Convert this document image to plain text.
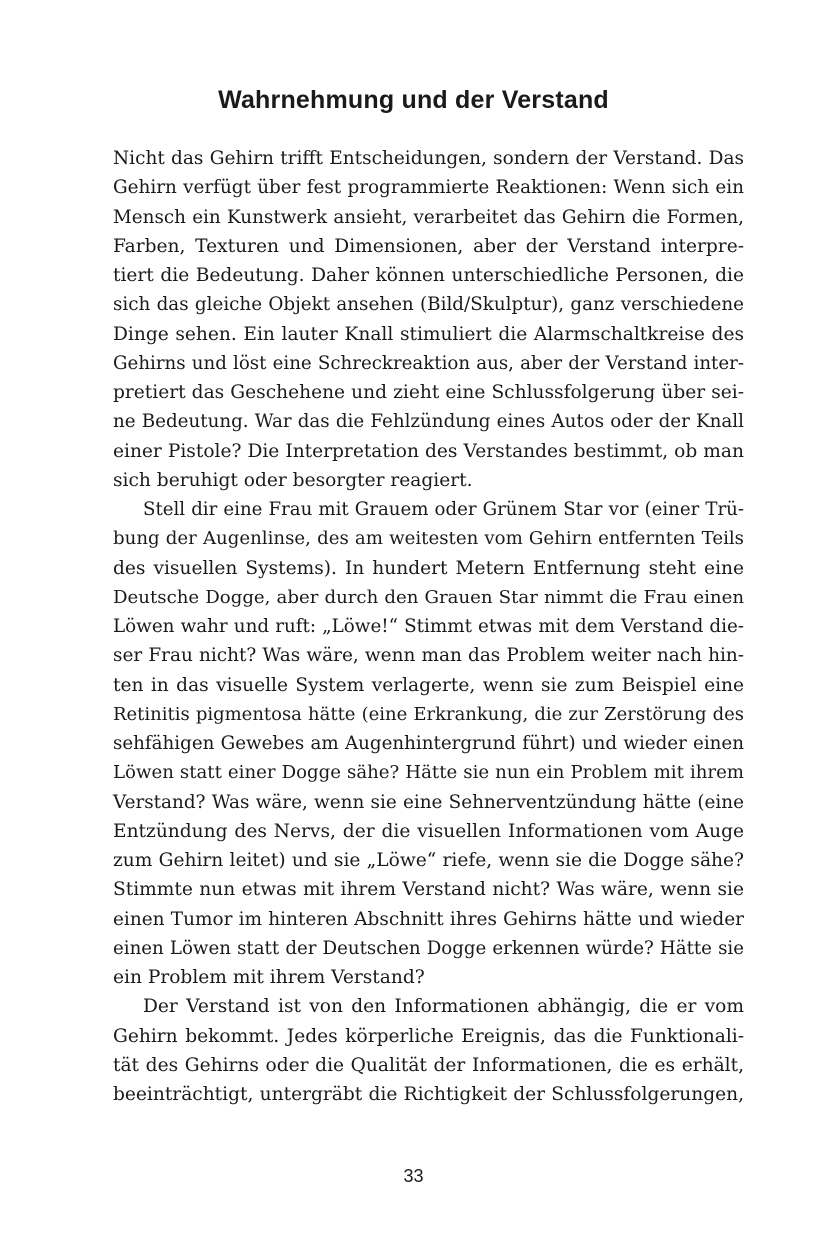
Wahrnehmung und der Verstand
Nicht das Gehirn trifft Entscheidungen, sondern der Verstand. Das
Gehirn verfügt über fest programmierte Reaktionen: Wenn sich ein
Mensch ein Kunstwerk ansieht, verarbeitet das Gehirn die Formen,
Farben, Texturen und Dimensionen, aber der Verstand interpre-
tiert die Bedeutung. Daher können unterschiedliche Personen, die
sich das gleiche Objekt ansehen (Bild/Skulptur), ganz verschiedene
Dinge sehen. Ein lauter Knall stimuliert die Alarmschaltkreise des
Gehirns und löst eine Schreckreaktion aus, aber der Verstand inter-
pretiert das Geschehene und zieht eine Schlussfolgerung über sei-
ne Bedeutung. War das die Fehlzündung eines Autos oder der Knall
einer Pistole? Die Interpretation des Verstandes bestimmt, ob man
sich beruhigt oder besorgter reagiert.
Stell dir eine Frau mit Grauem oder Grünem Star vor (einer Trü-
bung der Augenlinse, des am weitesten vom Gehirn entfernten Teils
des visuellen Systems). In hundert Metern Entfernung steht eine
Deutsche Dogge, aber durch den Grauen Star nimmt die Frau einen
Löwen wahr und ruft: „Löwe!“ Stimmt etwas mit dem Verstand die-
ser Frau nicht? Was wäre, wenn man das Problem weiter nach hin-
ten in das visuelle System verlagerte, wenn sie zum Beispiel eine
Retinitis pigmentosa hätte (eine Erkrankung, die zur Zerstörung des
sehfähigen Gewebes am Augenhintergrund führt) und wieder einen
Löwen statt einer Dogge sähe? Hätte sie nun ein Problem mit ihrem
Verstand? Was wäre, wenn sie eine Sehnerventzündung hätte (eine
Entzündung des Nervs, der die visuellen Informationen vom Auge
zum Gehirn leitet) und sie „Löwe“ riefe, wenn sie die Dogge sähe?
Stimmte nun etwas mit ihrem Verstand nicht? Was wäre, wenn sie
einen Tumor im hinteren Abschnitt ihres Gehirns hätte und wieder
einen Löwen statt der Deutschen Dogge erkennen würde? Hätte sie
ein Problem mit ihrem Verstand?
Der Verstand ist von den Informationen abhängig, die er vom
Gehirn bekommt. Jedes körperliche Ereignis, das die Funktionali-
tät des Gehirns oder die Qualität der Informationen, die es erhält,
beeinträchtigt, untergräbt die Richtigkeit der Schlussfolgerungen,
33
